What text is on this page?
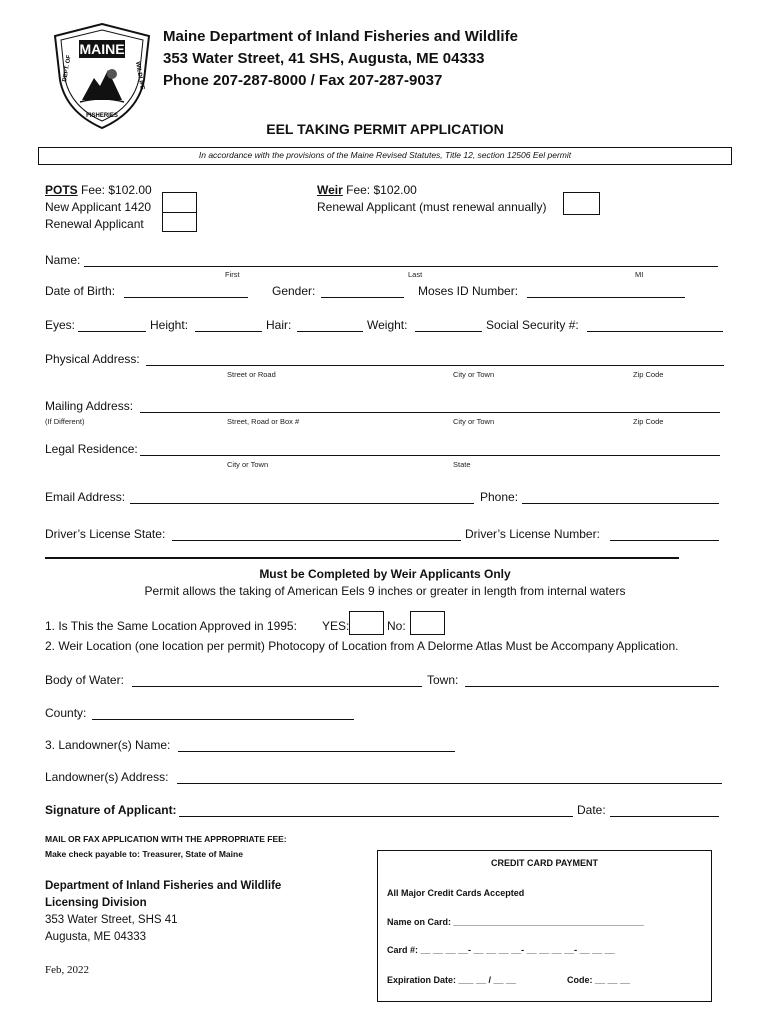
MAINE
DEPT. OF	WILDLIFE
FISHERIES
Maine Department of Inland Fisheries and Wildlife
353 Water Street, 41 SHS, Augusta, ME 04333
Phone 207-287-8000 / Fax 207-287-9037
EEL TAKING PERMIT APPLICATION
In accordance with the provisions of the Maine Revised Statutes, Title 12, section 12506 Eel permit
POTS Fee: $102.00
New Applicant 1420
Renewal Applicant
Weir Fee: $102.00
Renewal Applicant (must renewal annually)
Name:
First	Last	MI
Date of Birth:	Gender:	Moses ID Number:
Eyes:	Height:	Hair:	Weight:	Social Security #:
Physical Address:
Street or Road	City or Town	Zip Code
Mailing Address:
(If Different)	Street, Road or Box #	City or Town	Zip Code
Legal Residence:
City or Town	State
Email Address:	Phone:
Driver’s License State:	Driver’s License Number:
Must be Completed by Weir Applicants Only
Permit allows the taking of American Eels 9 inches or greater in length from internal waters
1. Is This the Same Location Approved in 1995: YES:	No:
2. Weir Location (one location per permit) Photocopy of Location from A Delorme Atlas Must be Accompany Application.
Body of Water:	Town:
County:
3. Landowner(s) Name:
Landowner(s) Address:
Signature of Applicant:	Date:
MAIL OR FAX APPLICATION WITH THE APPROPRIATE FEE:
Make check payable to: Treasurer, State of Maine
Department of Inland Fisheries and Wildlife
Licensing Division
353 Water Street, SHS 41
Augusta, ME 04333
Feb, 2022
CREDIT CARD PAYMENT
All Major Credit Cards Accepted
Name on Card: ______________________________________
Card #: __ __ __ __- __ __ __ __- __ __ __ __- __ __ __
Expiration Date: ___ __ / __ __	Code: __ __ __
